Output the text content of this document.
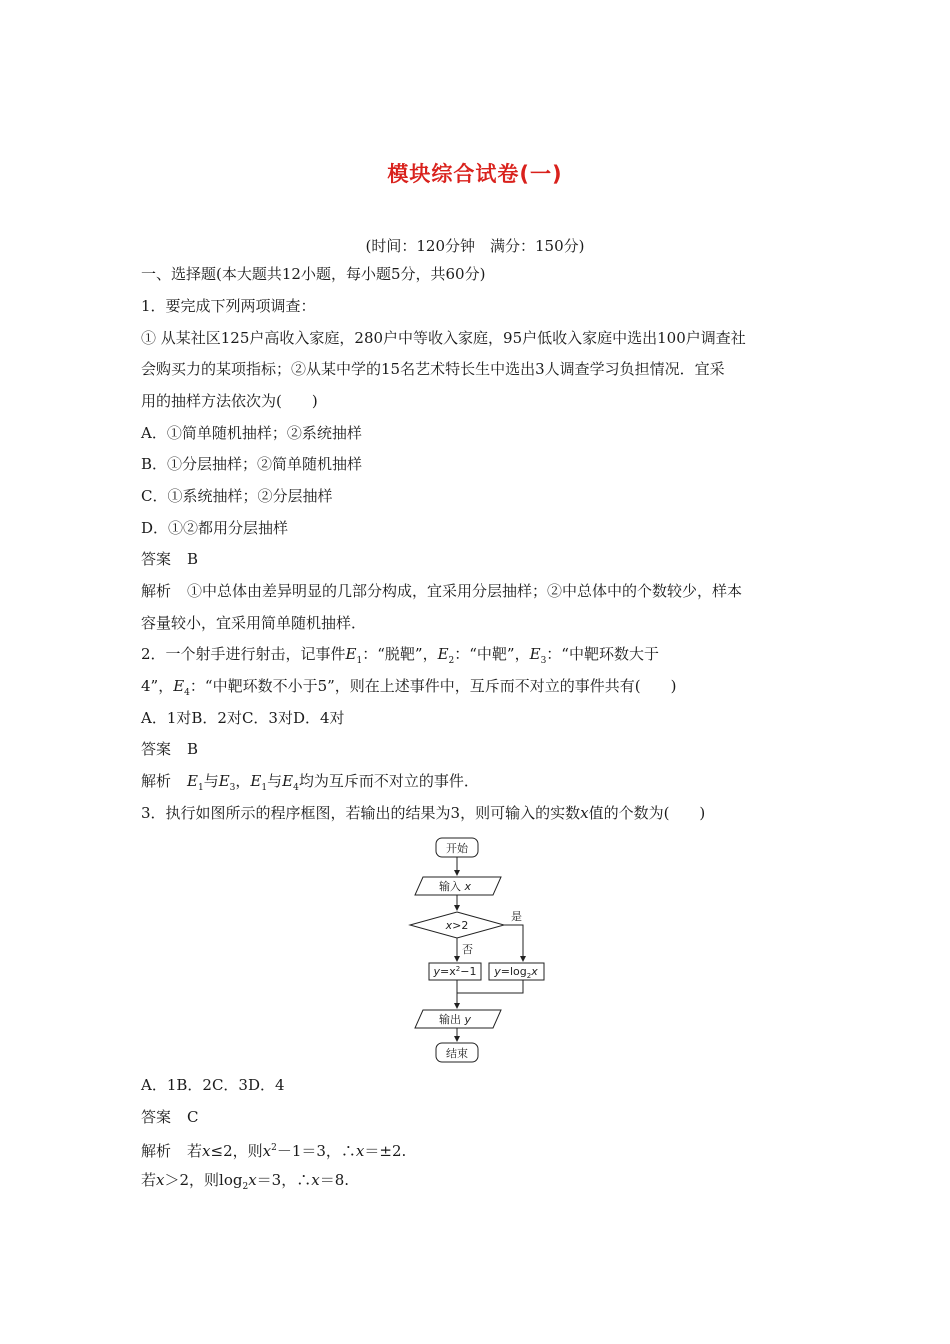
模块综合试卷(一)
(时间：120分钟　满分：150分)
一、选择题(本大题共12小题，每小题5分，共60分)
1．要完成下列两项调查：
① 从某社区125户高收入家庭，280户中等收入家庭，95户低收入家庭中选出100户调查社
会购买力的某项指标；②从某中学的15名艺术特长生中选出3人调查学习负担情况．宜采
用的抽样方法依次为(　　)
A．①简单随机抽样；②系统抽样
B．①分层抽样；②简单随机抽样
C．①系统抽样；②分层抽样
D．①②都用分层抽样
答案 B
解析 ①中总体由差异明显的几部分构成，宜采用分层抽样；②中总体中的个数较少，样本
容量较小，宜采用简单随机抽样．
2．一个射手进行射击，记事件$E_1$：“脱靶”，$E_2$：“中靶”，$E_3$：“中靶环数大于
4”，$E_4$：“中靶环数不小于5”，则在上述事件中，互斥而不对立的事件共有(　　)
A．1对B．2对C．3对D．4对
答案 B
解析 $E_1$与$E_3$，$E_1$与$E_4$均为互斥而不对立的事件．
3．执行如图所示的程序框图，若输出的结果为3，则可输入的实数x值的个数为(　　)
开始
输入 x
x>2
是
否
$y=x^2-1$ $y=\log_2x$
输出 y
结束
A．1B．2C．3D．4
答案 C
解析 若x≤2，则$x^2-1=3$，∴x＝±2.
若x＞2，则$\log_2x=3$，∴x＝8.
